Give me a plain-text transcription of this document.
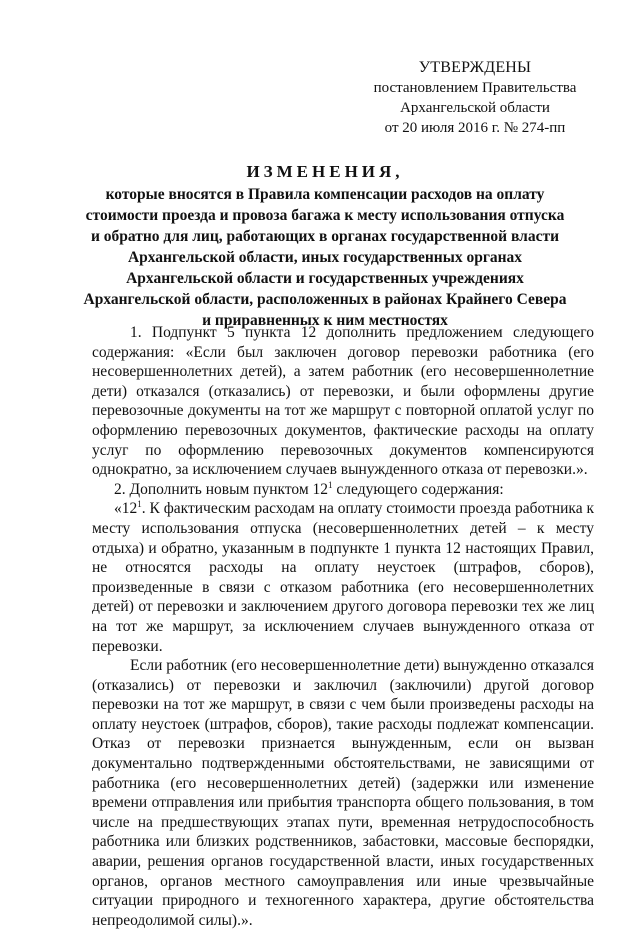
УТВЕРЖДЕНЫ
постановлением Правительства
Архангельской области
от 20 июля 2016 г. № 274-пп
ИЗМЕНЕНИЯ,
которые вносятся в Правила компенсации расходов на оплату стоимости проезда и провоза багажа к месту использования отпуска и обратно для лиц, работающих в органах государственной власти Архангельской области, иных государственных органах Архангельской области и государственных учреждениях Архангельской области, расположенных в районах Крайнего Севера и приравненных к ним местностях

1. Подпункт 5 пункта 12 дополнить предложением следующего содержания: «Если был заключен договор перевозки работника (его несовершеннолетних детей), а затем работник (его несовершеннолетние дети) отказался (отказались) от перевозки, и были оформлены другие перевозочные документы на тот же маршрут с повторной оплатой услуг по оформлению перевозочных документов, фактические расходы на оплату услуг по оформлению перевозочных документов компенсируются однократно, за исключением случаев вынужденного отказа от перевозки.».

2. Дополнить новым пунктом $12^1$ следующего содержания:

«$12^1$. К фактическим расходам на оплату стоимости проезда работника к месту использования отпуска (несовершеннолетних детей – к месту отдыха) и обратно, указанным в подпункте 1 пункта 12 настоящих Правил, не относятся расходы на оплату неустоек (штрафов, сборов), произведенные в связи с отказом работника (его несовершеннолетних детей) от перевозки и заключением другого договора перевозки тех же лиц на тот же маршрут, за исключением случаев вынужденного отказа от перевозки.

Если работник (его несовершеннолетние дети) вынужденно отказался (отказались) от перевозки и заключил (заключили) другой договор перевозки на тот же маршрут, в связи с чем были произведены расходы на оплату неустоек (штрафов, сборов), такие расходы подлежат компенсации. Отказ от перевозки признается вынужденным, если он вызван документально подтвержденными обстоятельствами, не зависящими от работника (его несовершеннолетних детей) (задержки или изменение времени отправления или прибытия транспорта общего пользования, в том числе на предшествующих этапах пути, временная нетрудоспособность работника или близких родственников, забастовки, массовые беспорядки, аварии, решения органов государственной власти, иных государственных органов, органов местного самоуправления или иные чрезвычайные ситуации природного и техногенного характера, другие обстоятельства непреодолимой силы).».
